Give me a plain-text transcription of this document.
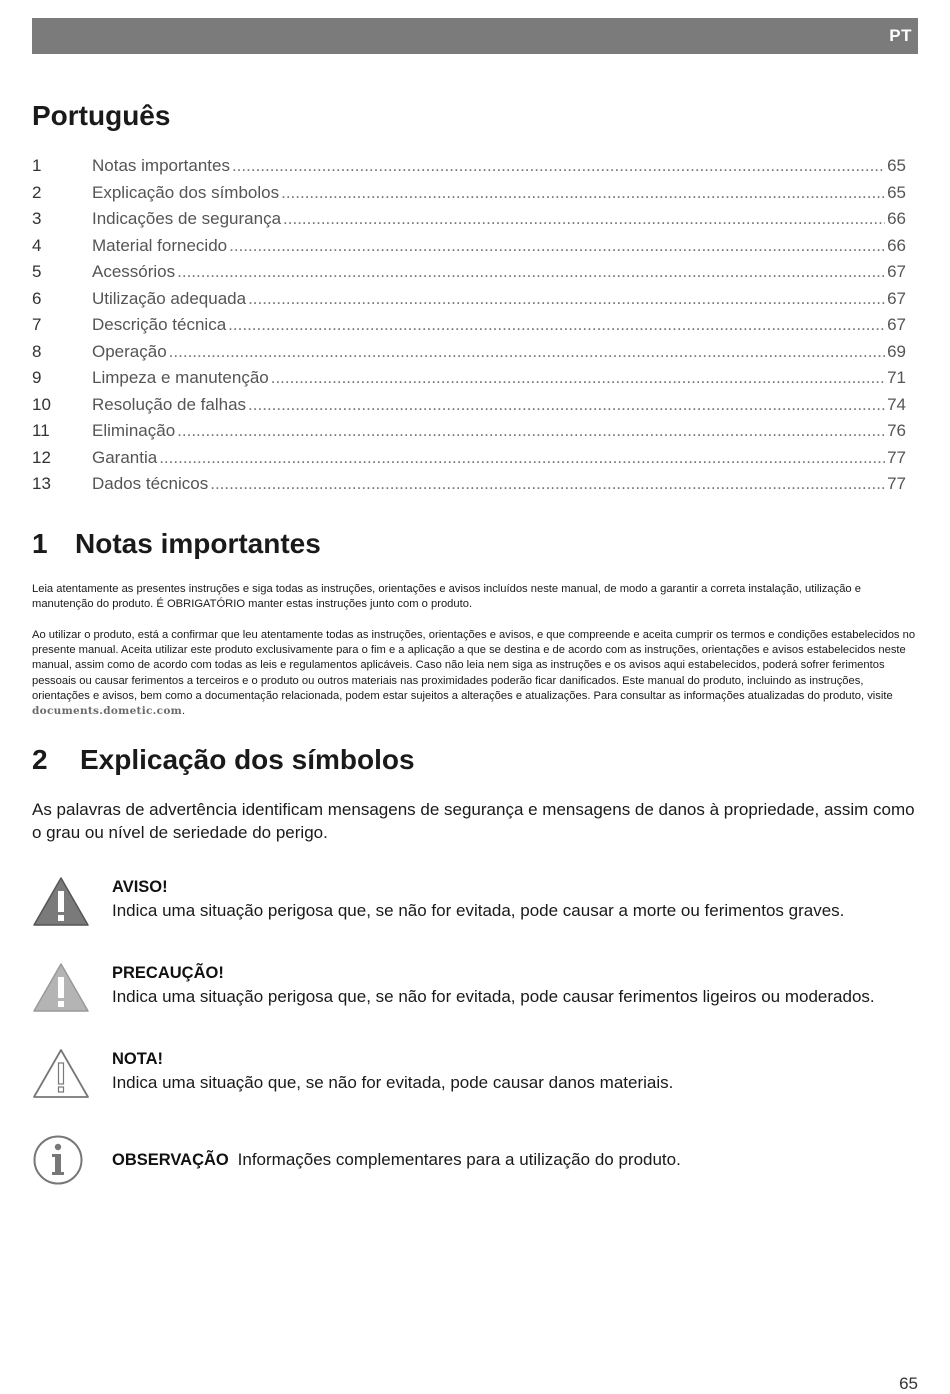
PT
Português
1	Notas importantes .....	65
2	Explicação dos símbolos .....	65
3	Indicações de segurança .....	66
4	Material fornecido .....	66
5	Acessórios .....	67
6	Utilização adequada .....	67
7	Descrição técnica .....	67
8	Operação .....	69
9	Limpeza e manutenção .....	71
10	Resolução de falhas .....	74
11	Eliminação .....	76
12	Garantia .....	77
13	Dados técnicos .....	77
1 Notas importantes

Leia atentamente as presentes instruções e siga todas as instruções, orientações e avisos incluídos neste manual, de modo a garantir a correta instalação, utilização e manutenção do produto. É OBRIGATÓRIO manter estas instruções junto com o produto.

Ao utilizar o produto, está a confirmar que leu atentamente todas as instruções, orientações e avisos, e que compreende e aceita cumprir os termos e condições estabelecidos no presente manual. Aceita utilizar este produto exclusivamente para o fim e a aplicação a que se destina e de acordo com as instruções, orientações e avisos estabelecidos neste manual, assim como de acordo com todas as leis e regulamentos aplicáveis. Caso não leia nem siga as instruções e os avisos aqui estabelecidos, poderá sofrer ferimentos pessoais ou causar ferimentos a terceiros e o produto ou outros materiais nas proximidades poderão ficar danificados. Este manual do produto, incluindo as instruções, orientações e avisos, bem como a documentação relacionada, podem estar sujeitos a alterações e atualizações. Para consultar as informações atualizadas do produto, visite documents.dometic.com.

2	Explicação dos símbolos

As palavras de advertência identificam mensagens de segurança e mensagens de danos à propriedade, assim como o grau ou nível de seriedade do perigo.

AVISO!
Indica uma situação perigosa que, se não for evitada, pode causar a morte ou ferimentos graves.
PRECAUÇÃO!
Indica uma situação perigosa que, se não for evitada, pode causar ferimentos ligeiros ou moderados.
NOTA!
Indica uma situação que, se não for evitada, pode causar danos materiais.
OBSERVAÇÃO Informações complementares para a utilização do produto.
65
